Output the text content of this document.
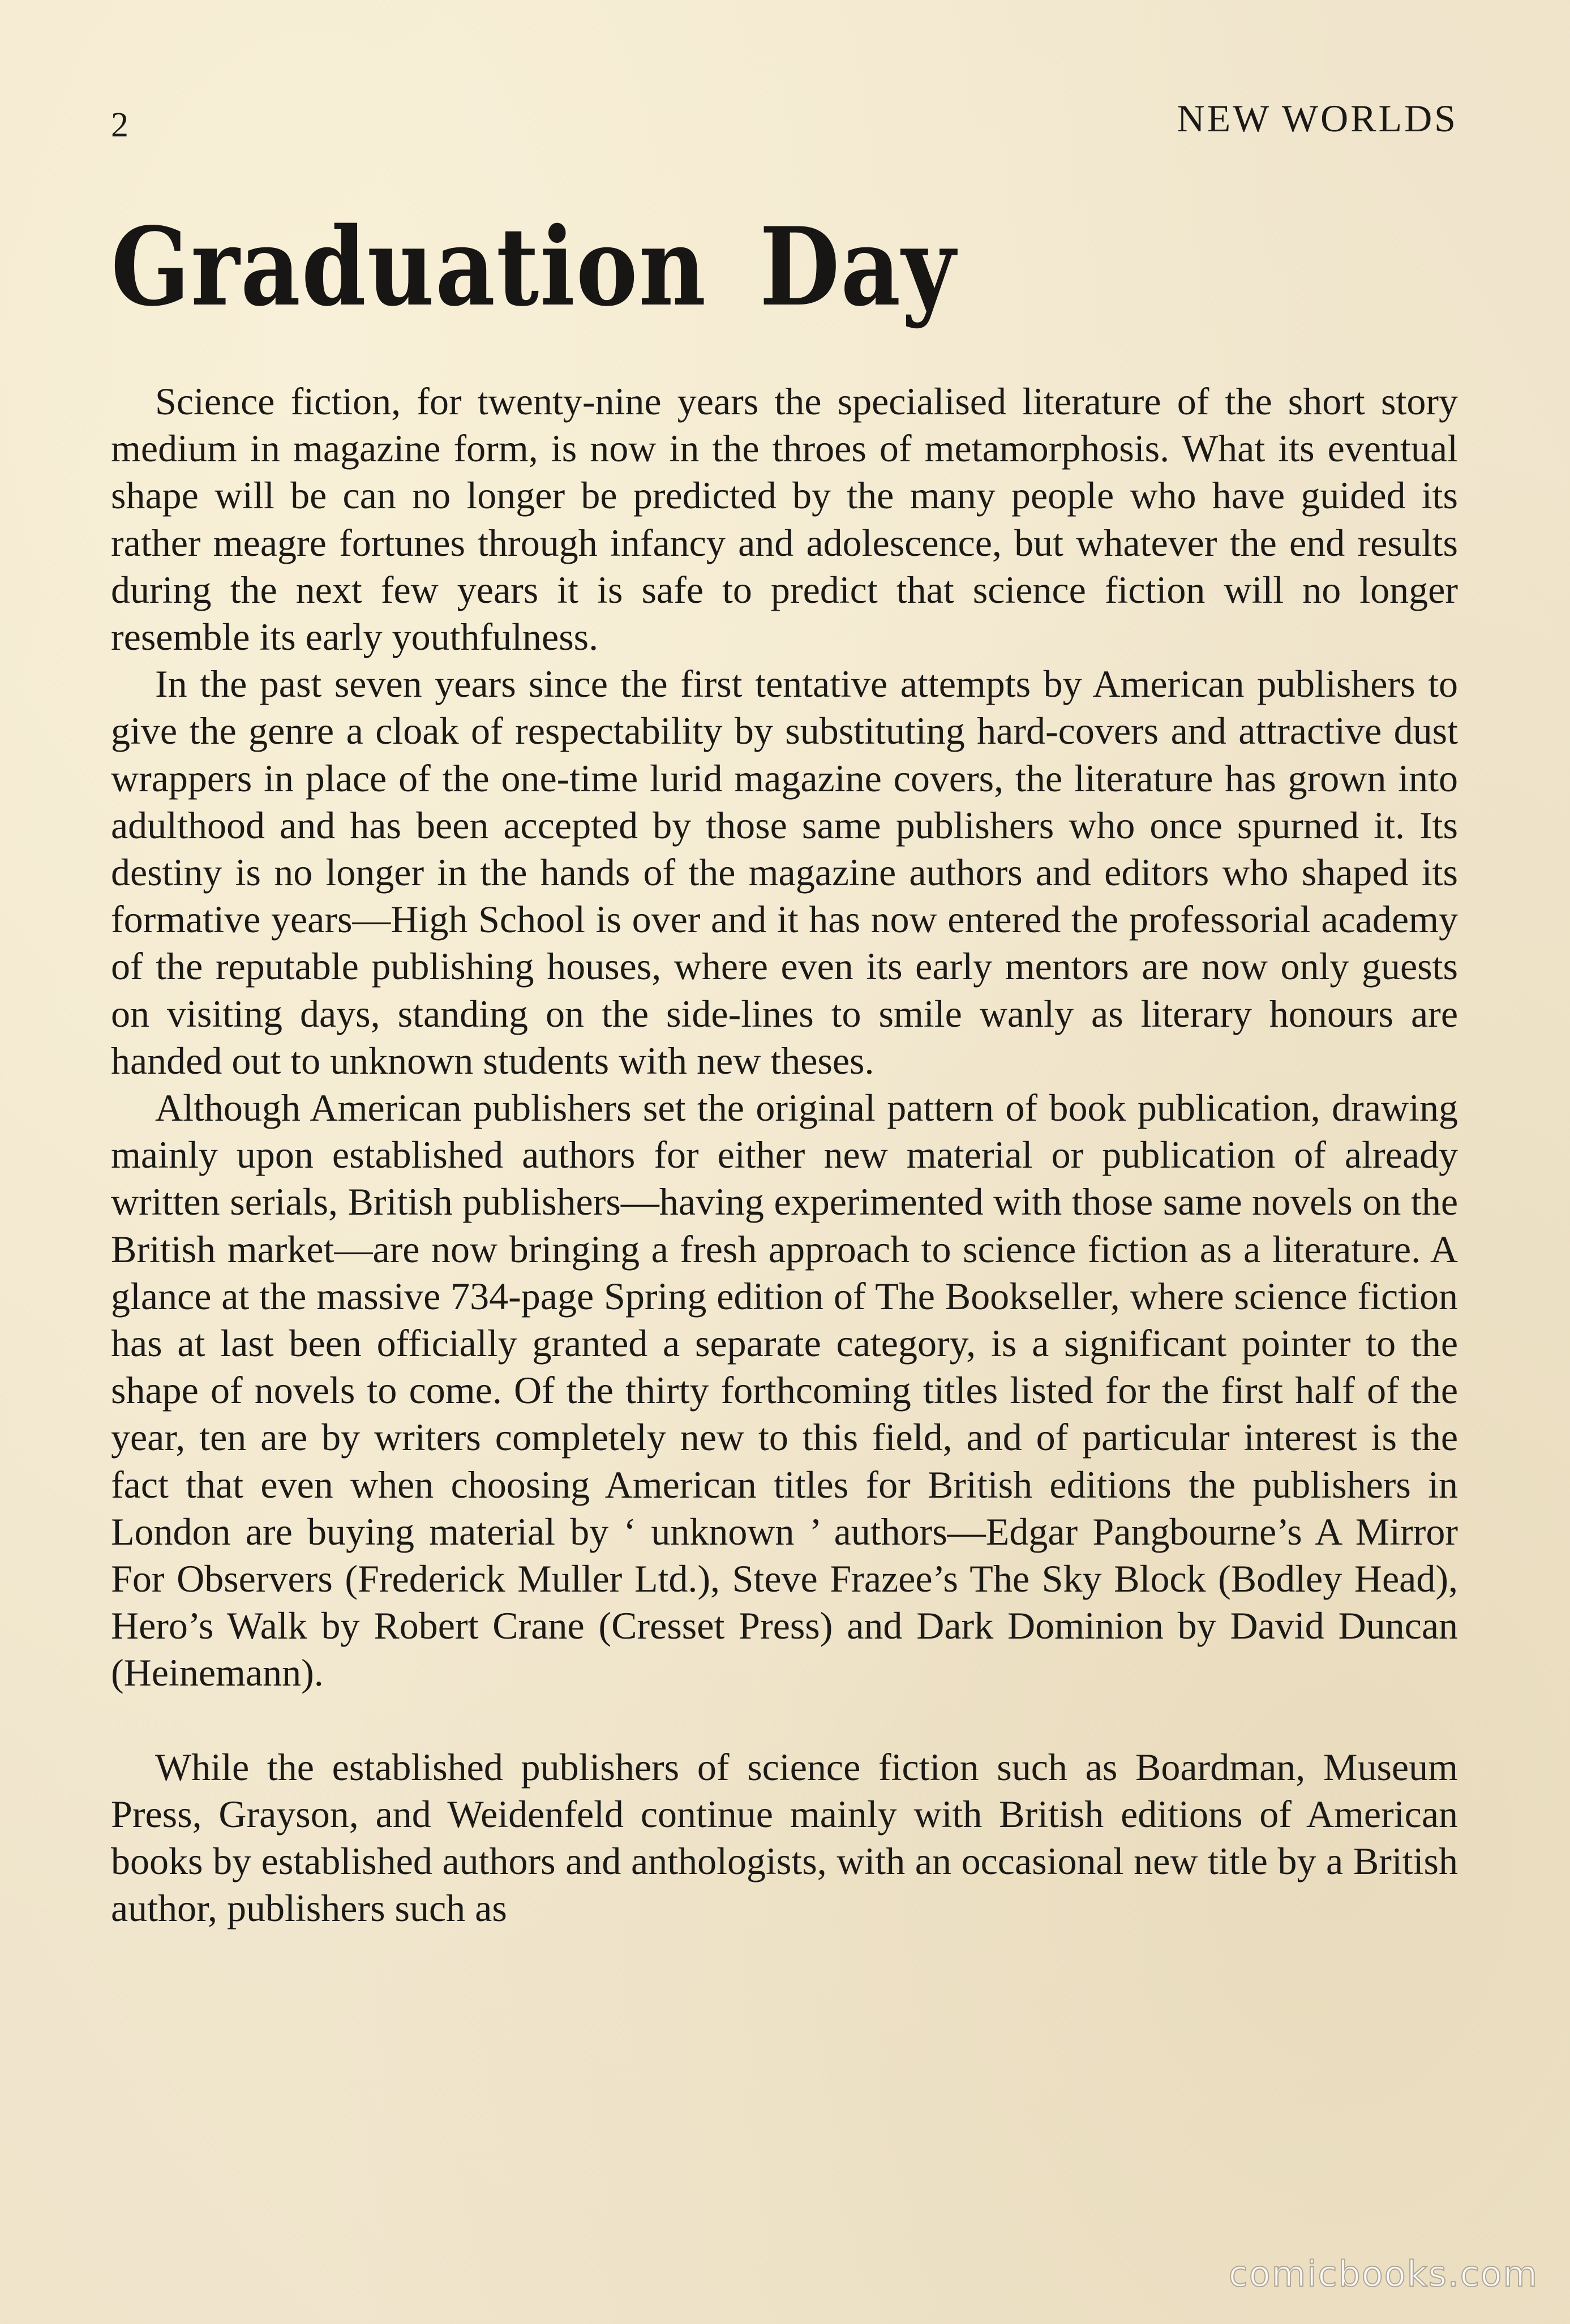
2	NEW WORLDS
Graduation Day

Science fiction, for twenty-nine years the specialised literature of the short story medium in magazine form, is now in the throes of metamorphosis. What its eventual shape will be can no longer be predicted by the many people who have guided its rather meagre fortunes through infancy and adolescence, but whatever the end results during the next few years it is safe to predict that science fiction will no longer resemble its early youthfulness.

In the past seven years since the first tentative attempts by American publishers to give the genre a cloak of respectability by substituting hard-covers and attractive dust wrappers in place of the one-time lurid magazine covers, the literature has grown into adulthood and has been accepted by those same publishers who once spurned it. Its destiny is no longer in the hands of the magazine authors and editors who shaped its formative years—High School is over and it has now entered the professorial academy of the reputable publishing houses, where even its early mentors are now only guests on visiting days, standing on the side-lines to smile wanly as literary honours are handed out to unknown students with new theses.

Although American publishers set the original pattern of book publication, drawing mainly upon established authors for either new material or publication of already written serials, British publishers—having experimented with those same novels on the British market—are now bringing a fresh approach to science fiction as a literature. A glance at the massive 734-page Spring edition of The Bookseller, where science fiction has at last been officially granted a separate category, is a significant pointer to the shape of novels to come. Of the thirty forthcoming titles listed for the first half of the year, ten are by writers completely new to this field, and of particular interest is the fact that even when choosing American titles for British editions the publishers in London are buying material by ‘ unknown ’ authors—Edgar Pangbourne’s A Mirror For Observers (Frederick Muller Ltd.), Steve Frazee’s The Sky Block (Bodley Head), Hero’s Walk by Robert Crane (Cresset Press) and Dark Dominion by David Duncan (Heinemann).

While the established publishers of science fiction such as Boardman, Museum Press, Grayson, and Weidenfeld continue mainly with British editions of American books by established authors and anthologists, with an occasional new title by a British author, publishers such as

comicbooks.com
